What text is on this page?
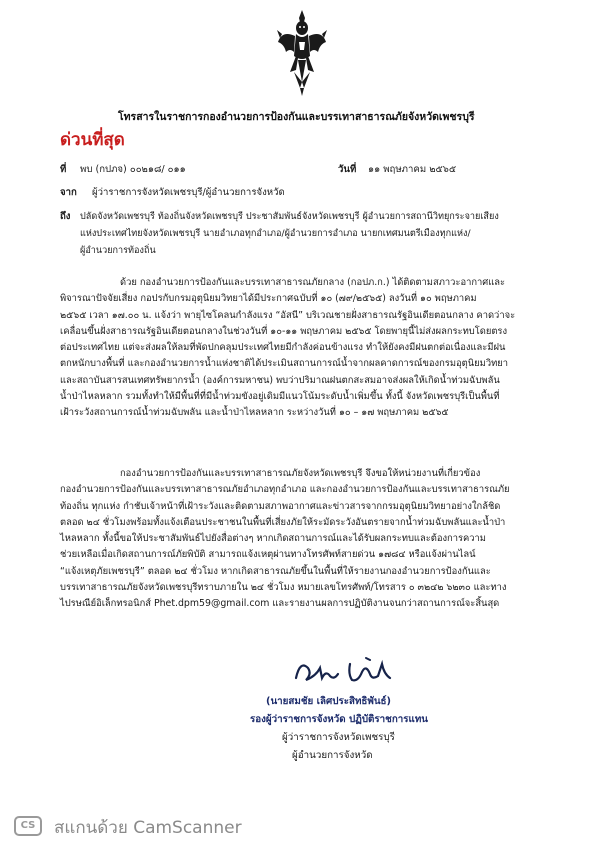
โทรสารในราชการกองอำนวยการป้องกันและบรรเทาสาธารณภัยจังหวัดเพชรบุรี
ด่วนที่สุด
ที่ พบ (กปภจ) ๐๐๒๑๘/ ๐๑๑	วันที่ ๑๑ พฤษภาคม ๒๕๖๕
จาก ผู้ว่าราชการจังหวัดเพชรบุรี/ผู้อำนวยการจังหวัด
ถึง ปลัดจังหวัดเพชรบุรี ท้องถิ่นจังหวัดเพชรบุรี ประชาสัมพันธ์จังหวัดเพชรบุรี ผู้อำนวยการสถานีวิทยุกระจายเสียง
แห่งประเทศไทยจังหวัดเพชรบุรี นายอำเภอทุกอำเภอ/ผู้อำนวยการอำเภอ นายกเทศมนตรีเมืองทุกแห่ง/
ผู้อำนวยการท้องถิ่น
ด้วย กองอำนวยการป้องกันและบรรเทาสาธารณภัยกลาง (กอปภ.ก.) ได้ติดตามสภาวะอากาศและ
พิจารณาปัจจัยเสี่ยง กอปรกับกรมอุตุนิยมวิทยาได้มีประกาศฉบับที่ ๑๐ (๗๙/๒๕๖๕) ลงวันที่ ๑๐ พฤษภาคม
๒๕๖๕ เวลา ๑๗.๐๐ น. แจ้งว่า พายุไซโคลนกำลังแรง “อัสนี” บริเวณชายฝั่งสาธารณรัฐอินเดียตอนกลาง คาดว่าจะ
เคลื่อนขึ้นฝั่งสาธารณรัฐอินเดียตอนกลางในช่วงวันที่ ๑๐-๑๑ พฤษภาคม ๒๕๖๕ โดยพายุนี้ไม่ส่งผลกระทบโดยตรง
ต่อประเทศไทย แต่จะส่งผลให้ลมที่พัดปกคลุมประเทศไทยมีกำลังค่อนข้างแรง ทำให้ยังคงมีฝนตกต่อเนื่องและมีฝน
ตกหนักบางพื้นที่ และกองอำนวยการน้ำแห่งชาติได้ประเมินสถานการณ์น้ำจากผลคาดการณ์ของกรมอุตุนิยมวิทยา
และสถาบันสารสนเทศทรัพยากรน้ำ (องค์การมหาชน) พบว่าปริมาณฝนตกสะสมอาจส่งผลให้เกิดน้ำท่วมฉับพลัน
น้ำป่าไหลหลาก รวมทั้งทำให้มีพื้นที่ที่มีน้ำท่วมขังอยู่เดิมมีแนวโน้มระดับน้ำเพิ่มขึ้น ทั้งนี้ จังหวัดเพชรบุรีเป็นพื้นที่
เฝ้าระวังสถานการณ์น้ำท่วมฉับพลัน และน้ำป่าไหลหลาก ระหว่างวันที่ ๑๐ – ๑๗ พฤษภาคม ๒๕๖๕
กองอำนวยการป้องกันและบรรเทาสาธารณภัยจังหวัดเพชรบุรี จึงขอให้หน่วยงานที่เกี่ยวข้อง
กองอำนวยการป้องกันและบรรเทาสาธารณภัยอำเภอทุกอำเภอ และกองอำนวยการป้องกันและบรรเทาสาธารณภัย
ท้องถิ่น ทุกแห่ง กำชับเจ้าหน้าที่เฝ้าระวังและติดตามสภาพอากาศและข่าวสารจากกรมอุตุนิยมวิทยาอย่างใกล้ชิด
ตลอด ๒๔ ชั่วโมงพร้อมทั้งแจ้งเตือนประชาชนในพื้นที่เสี่ยงภัยให้ระมัดระวังอันตรายจากน้ำท่วมฉับพลันและน้ำป่า
ไหลหลาก ทั้งนี้ขอให้ประชาสัมพันธ์ไปยังสื่อต่างๆ หากเกิดสถานการณ์และได้รับผลกระทบและต้องการความ
ช่วยเหลือเมื่อเกิดสถานการณ์ภัยพิบัติ สามารถแจ้งเหตุผ่านทางโทรศัพท์สายด่วน ๑๗๘๔ หรือแจ้งผ่านไลน์
“แจ้งเหตุภัยเพชรบุรี” ตลอด ๒๔ ชั่วโมง หากเกิดสาธารณภัยขึ้นในพื้นที่ให้รายงานกองอำนวยการป้องกันและ
บรรเทาสาธารณภัยจังหวัดเพชรบุรีทราบภายใน ๒๔ ชั่วโมง หมายเลขโทรศัพท์/โทรสาร ๐ ๓๒๔๒ ๖๒๓๐ และทาง
ไปรษณีย์อิเล็กทรอนิกส์ Phet.dpm59@gmail.com และรายงานผลการปฏิบัติงานจนกว่าสถานการณ์จะสิ้นสุด
(นายสมชัย เลิศประสิทธิพันธ์)
รองผู้ว่าราชการจังหวัด ปฏิบัติราชการแทน
ผู้ว่าราชการจังหวัดเพชรบุรี
ผู้อำนวยการจังหวัด
CS	สแกนด้วย CamScanner
